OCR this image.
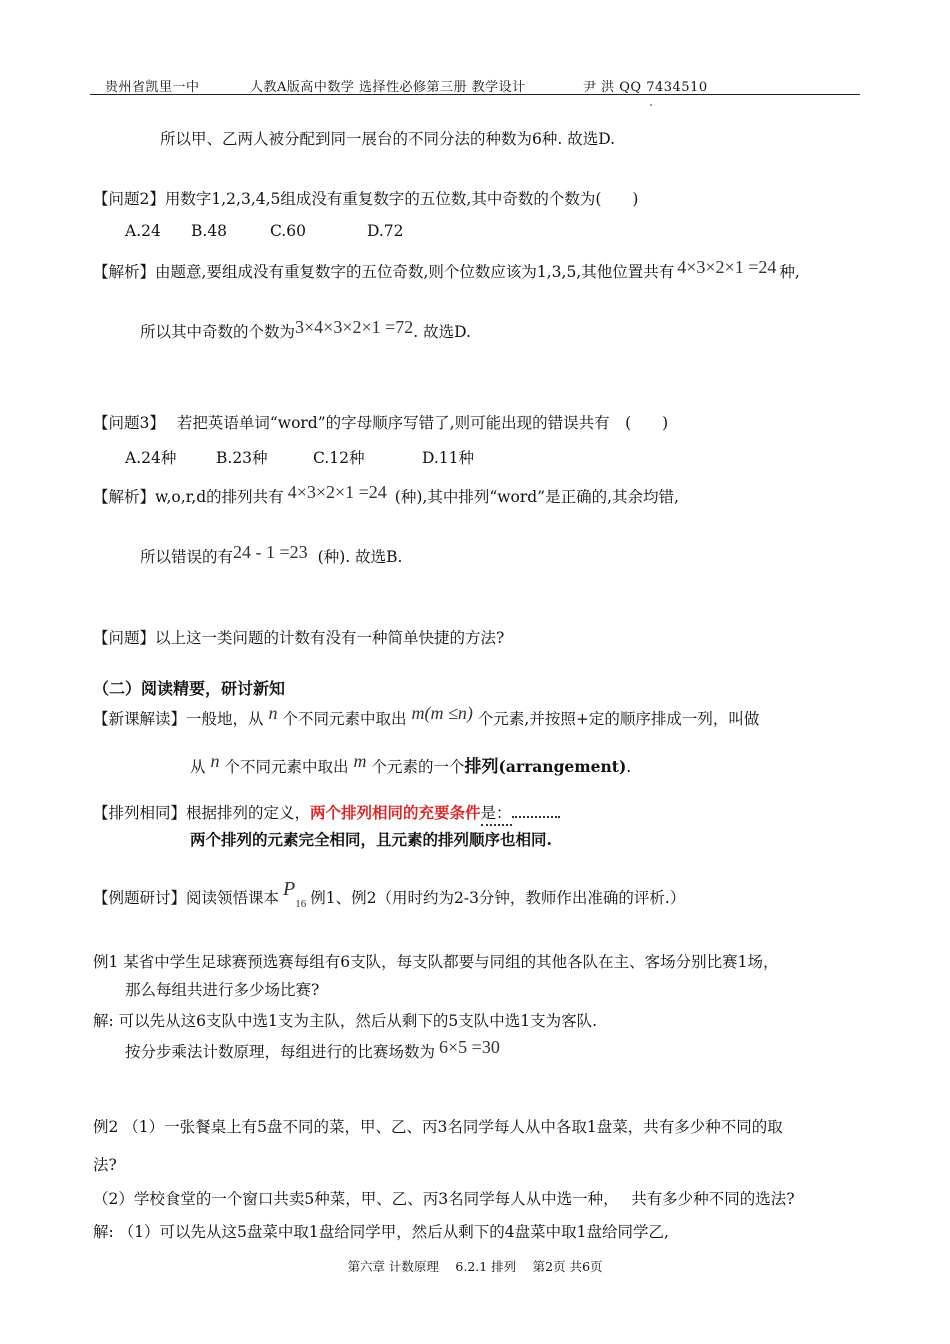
贵州省凯里一中	人教A版高中数学 选择性必修第三册 教学设计	尹 洪 QQ 7434510
所以甲、乙两人被分配到同一展台的不同分法的种数为6种. 故选D.
【问题2】用数字1,2,3,4,5组成没有重复数字的五位数,其中奇数的个数为(　　)
A.24 B.48	C.60	D.72
【解析】由题意,要组成没有重复数字的五位奇数,则个位数应该为1,3,5,其他位置共有 4×3×2×1 =24 种,
所以其中奇数的个数为3×4×3×2×1 =72. 故选D.
【问题3】 若把英语单词“word”的字母顺序写错了,则可能出现的错误共有　(　　)
A.24种	B.23种	C.12种	D.11种
【解析】w,o,r,d的排列共有 4×3×2×1 =24 (种),其中排列“word”是正确的,其余均错,
所以错误的有24 - 1 =23 (种). 故选B.
【问题】以上这一类问题的计数有没有一种简单快捷的方法?
（二）阅读精要，研讨新知
【新课解读】一般地，从 n 个不同元素中取出 m(m ≤n) 个元素,并按照+定的顺序排成一列，叫做
从 n 个不同元素中取出 m 个元素的一个排列(arrangement).
【排列相同】根据排列的定义，两个排列相同的充要条件是：
两个排列的元素完全相同，且元素的排列顺序也相同.
【例题研讨】阅读领悟课本 $P_{16}$ 例1、例2（用时约为2-3分钟，教师作出准确的评析.）
例1 某省中学生足球赛预选赛每组有6支队，每支队都要与同组的其他各队在主、客场分别比赛1场，
那么每组共进行多少场比赛?
解: 可以先从这6支队中选1支为主队，然后从剩下的5支队中选1支为客队.
按分步乘法计数原理，每组进行的比赛场数为 6×5 =30
例2 （1）一张餐桌上有5盘不同的菜，甲、乙、丙3名同学每人从中各取1盘菜，共有多少种不同的取
法?
（2）学校食堂的一个窗口共卖5种菜，甲、乙、丙3名同学每人从中选一种，　 共有多少种不同的选法?
解: （1）可以先从这5盘菜中取1盘给同学甲，然后从剩下的4盘菜中取1盘给同学乙,
第六章 计数原理　 6.2.1 排列　 第2页 共6页
